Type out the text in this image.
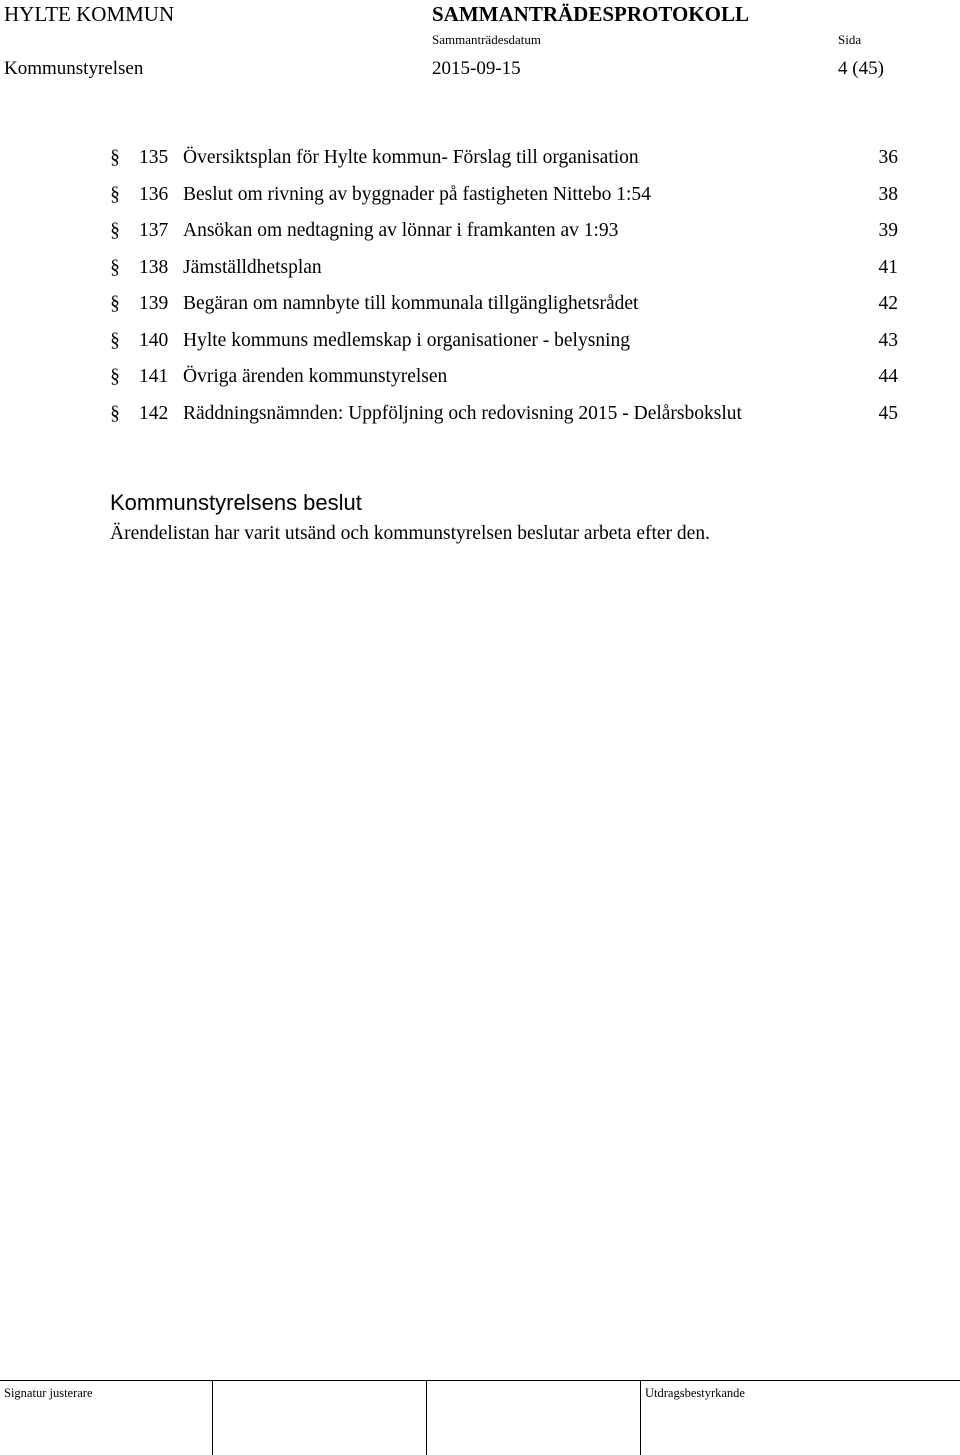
HYLTE KOMMUN	SAMMANTRÄDESPROTOKOLL
Sammanträdesdatum	Sida
Kommunstyrelsen	2015-09-15	4 (45)
§ 135 Översiktsplan för Hylte kommun- Förslag till organisation	36
§ 136 Beslut om rivning av byggnader på fastigheten Nittebo 1:54	38
§ 137 Ansökan om nedtagning av lönnar i framkanten av 1:93	39
§ 138 Jämställdhetsplan	41
§ 139 Begäran om namnbyte till kommunala tillgänglighetsrådet	42
§ 140 Hylte kommuns medlemskap i organisationer - belysning	43
§ 141 Övriga ärenden kommunstyrelsen	44
§ 142 Räddningsnämnden: Uppföljning och redovisning 2015 - Delårsbokslut	45
Kommunstyrelsens beslut
Ärendelistan har varit utsänd och kommunstyrelsen beslutar arbeta efter den.
Signatur justerare	Utdragsbestyrkande
